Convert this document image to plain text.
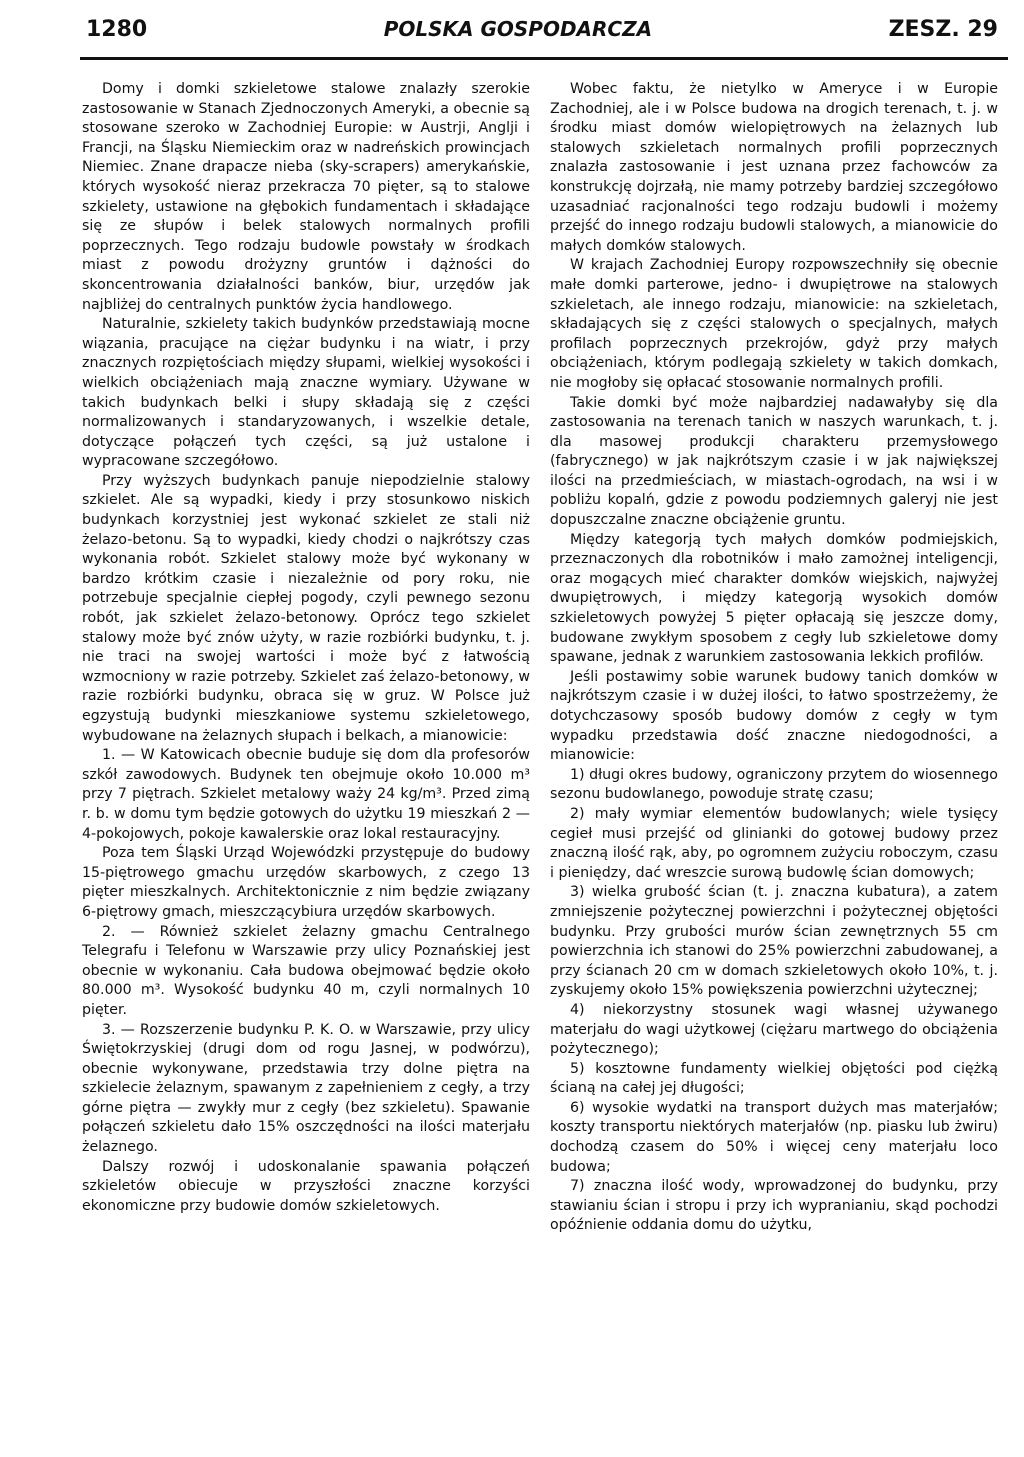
1280	POLSKA GOSPODARCZA	ZESZ. 29

Domy i domki szkieletowe stalowe znalazły szerokie zastosowanie w Stanach Zjednoczonych Ameryki, a obecnie są stosowane szeroko w Zachodniej Europie: w Austrji, Anglji i Francji, na Śląsku Niemieckim oraz w nadreńskich prowincjach Niemiec. Znane drapacze nieba (sky-scrapers) amerykańskie, których wysokość nieraz przekracza 70 pięter, są to stalowe szkielety, ustawione na głębokich fundamentach i składające się ze słupów i belek stalowych normalnych profili poprzecznych. Tego rodzaju budowle powstały w środkach miast z powodu drożyzny gruntów i dążności do skoncentrowania działalności banków, biur, urzędów jak najbliżej do centralnych punktów życia handlowego.

Naturalnie, szkielety takich budynków przedstawiają mocne wiązania, pracujące na ciężar budynku i na wiatr, i przy znacznych rozpiętościach między słupami, wielkiej wysokości i wielkich obciążeniach mają znaczne wymiary. Używane w takich budynkach belki i słupy składają się z części normalizowanych i standaryzowanych, i wszelkie detale, dotyczące połączeń tych części, są już ustalone i wypracowane szczegółowo.

Przy wyższych budynkach panuje niepodzielnie stalowy szkielet. Ale są wypadki, kiedy i przy stosunkowo niskich budynkach korzystniej jest wykonać szkielet ze stali niż żelazo-betonu. Są to wypadki, kiedy chodzi o najkrótszy czas wykonania robót. Szkielet stalowy może być wykonany w bardzo krótkim czasie i niezależnie od pory roku, nie potrzebuje specjalnie ciepłej pogody, czyli pewnego sezonu robót, jak szkielet żelazo-betonowy. Oprócz tego szkielet stalowy może być znów użyty, w razie rozbiórki budynku, t. j. nie traci na swojej wartości i może być z łatwością wzmocniony w razie potrzeby. Szkielet zaś żelazo-betonowy, w razie rozbiórki budynku, obraca się w gruz. W Polsce już egzystują budynki mieszkaniowe systemu szkieletowego, wybudowane na żelaznych słupach i belkach, a mianowicie:

1. — W Katowicach obecnie buduje się dom dla profesorów szkół zawodowych. Budynek ten obejmuje około 10.000 m³ przy 7 piętrach. Szkielet metalowy waży 24 kg/m³. Przed zimą r. b. w domu tym będzie gotowych do użytku 19 mieszkań 2 — 4-pokojowych, pokoje kawalerskie oraz lokal restauracyjny.

Poza tem Śląski Urząd Wojewódzki przystępuje do budowy 15-piętrowego gmachu urzędów skarbowych, z czego 13 pięter mieszkalnych. Architektonicznie z nim będzie związany 6-piętrowy gmach, mieszczącybiura urzędów skarbowych.

2. — Również szkielet żelazny gmachu Centralnego Telegrafu i Telefonu w Warszawie przy ulicy Poznańskiej jest obecnie w wykonaniu. Cała budowa obejmować będzie około 80.000 m³. Wysokość budynku 40 m, czyli normalnych 10 pięter.

3. — Rozszerzenie budynku P. K. O. w Warszawie, przy ulicy Świętokrzyskiej (drugi dom od rogu Jasnej, w podwórzu), obecnie wykonywane, przedstawia trzy dolne piętra na szkielecie żelaznym, spawanym z zapełnieniem z cegły, a trzy górne piętra — zwykły mur z cegły (bez szkieletu). Spawanie połączeń szkieletu dało 15% oszczędności na ilości materjału żelaznego.

Dalszy rozwój i udoskonalanie spawania połączeń szkieletów obiecuje w przyszłości znaczne korzyści ekonomiczne przy budowie domów szkieletowych.

Wobec faktu, że nietylko w Ameryce i w Europie Zachodniej, ale i w Polsce budowa na drogich terenach, t. j. w środku miast domów wielopiętrowych na żelaznych lub stalowych szkieletach normalnych profili poprzecznych znalazła zastosowanie i jest uznana przez fachowców za konstrukcję dojrzałą, nie mamy potrzeby bardziej szczegółowo uzasadniać racjonalności tego rodzaju budowli i możemy przejść do innego rodzaju budowli stalowych, a mianowicie do małych domków stalowych.

W krajach Zachodniej Europy rozpowszechniły się obecnie małe domki parterowe, jedno- i dwupiętrowe na stalowych szkieletach, ale innego rodzaju, mianowicie: na szkieletach, składających się z części stalowych o specjalnych, małych profilach poprzecznych przekrojów, gdyż przy małych obciążeniach, którym podlegają szkielety w takich domkach, nie mogłoby się opłacać stosowanie normalnych profili.

Takie domki być może najbardziej nadawałyby się dla zastosowania na terenach tanich w naszych warunkach, t. j. dla masowej produkcji charakteru przemysłowego (fabrycznego) w jak najkrótszym czasie i w jak największej ilości na przedmieściach, w miastach-ogrodach, na wsi i w pobliżu kopalń, gdzie z powodu podziemnych galeryj nie jest dopuszczalne znaczne obciążenie gruntu.

Między kategorją tych małych domków podmiejskich, przeznaczonych dla robotników i mało zamożnej inteligencji, oraz mogących mieć charakter domków wiejskich, najwyżej dwupiętrowych, i między kategorją wysokich domów szkieletowych powyżej 5 pięter opłacają się jeszcze domy, budowane zwykłym sposobem z cegły lub szkieletowe domy spawane, jednak z warunkiem zastosowania lekkich profilów.

Jeśli postawimy sobie warunek budowy tanich domków w najkrótszym czasie i w dużej ilości, to łatwo spostrzeżemy, że dotychczasowy sposób budowy domów z cegły w tym wypadku przedstawia dość znaczne niedogodności, a mianowicie:

1) długi okres budowy, ograniczony przytem do wiosennego sezonu budowlanego, powoduje stratę czasu;

2) mały wymiar elementów budowlanych; wiele tysięcy cegieł musi przejść od glinianki do gotowej budowy przez znaczną ilość rąk, aby, po ogromnem zużyciu roboczym, czasu i pieniędzy, dać wreszcie surową budowlę ścian domowych;

3) wielka grubość ścian (t. j. znaczna kubatura), a zatem zmniejszenie pożytecznej powierzchni i pożytecznej objętości budynku. Przy grubości murów ścian zewnętrznych 55 cm powierzchnia ich stanowi do 25% powierzchni zabudowanej, a przy ścianach 20 cm w domach szkieletowych około 10%, t. j. zyskujemy około 15% powiększenia powierzchni użytecznej;

4) niekorzystny stosunek wagi własnej używanego materjału do wagi użytkowej (ciężaru martwego do obciążenia pożytecznego);

5) kosztowne fundamenty wielkiej objętości pod ciężką ścianą na całej jej długości;

6) wysokie wydatki na transport dużych mas materjałów; koszty transportu niektórych materjałów (np. piasku lub żwiru) dochodzą czasem do 50% i więcej ceny materjału loco budowa;

7) znaczna ilość wody, wprowadzonej do budynku, przy stawianiu ścian i stropu i przy ich wypranianiu, skąd pochodzi opóźnienie oddania domu do użytku,
